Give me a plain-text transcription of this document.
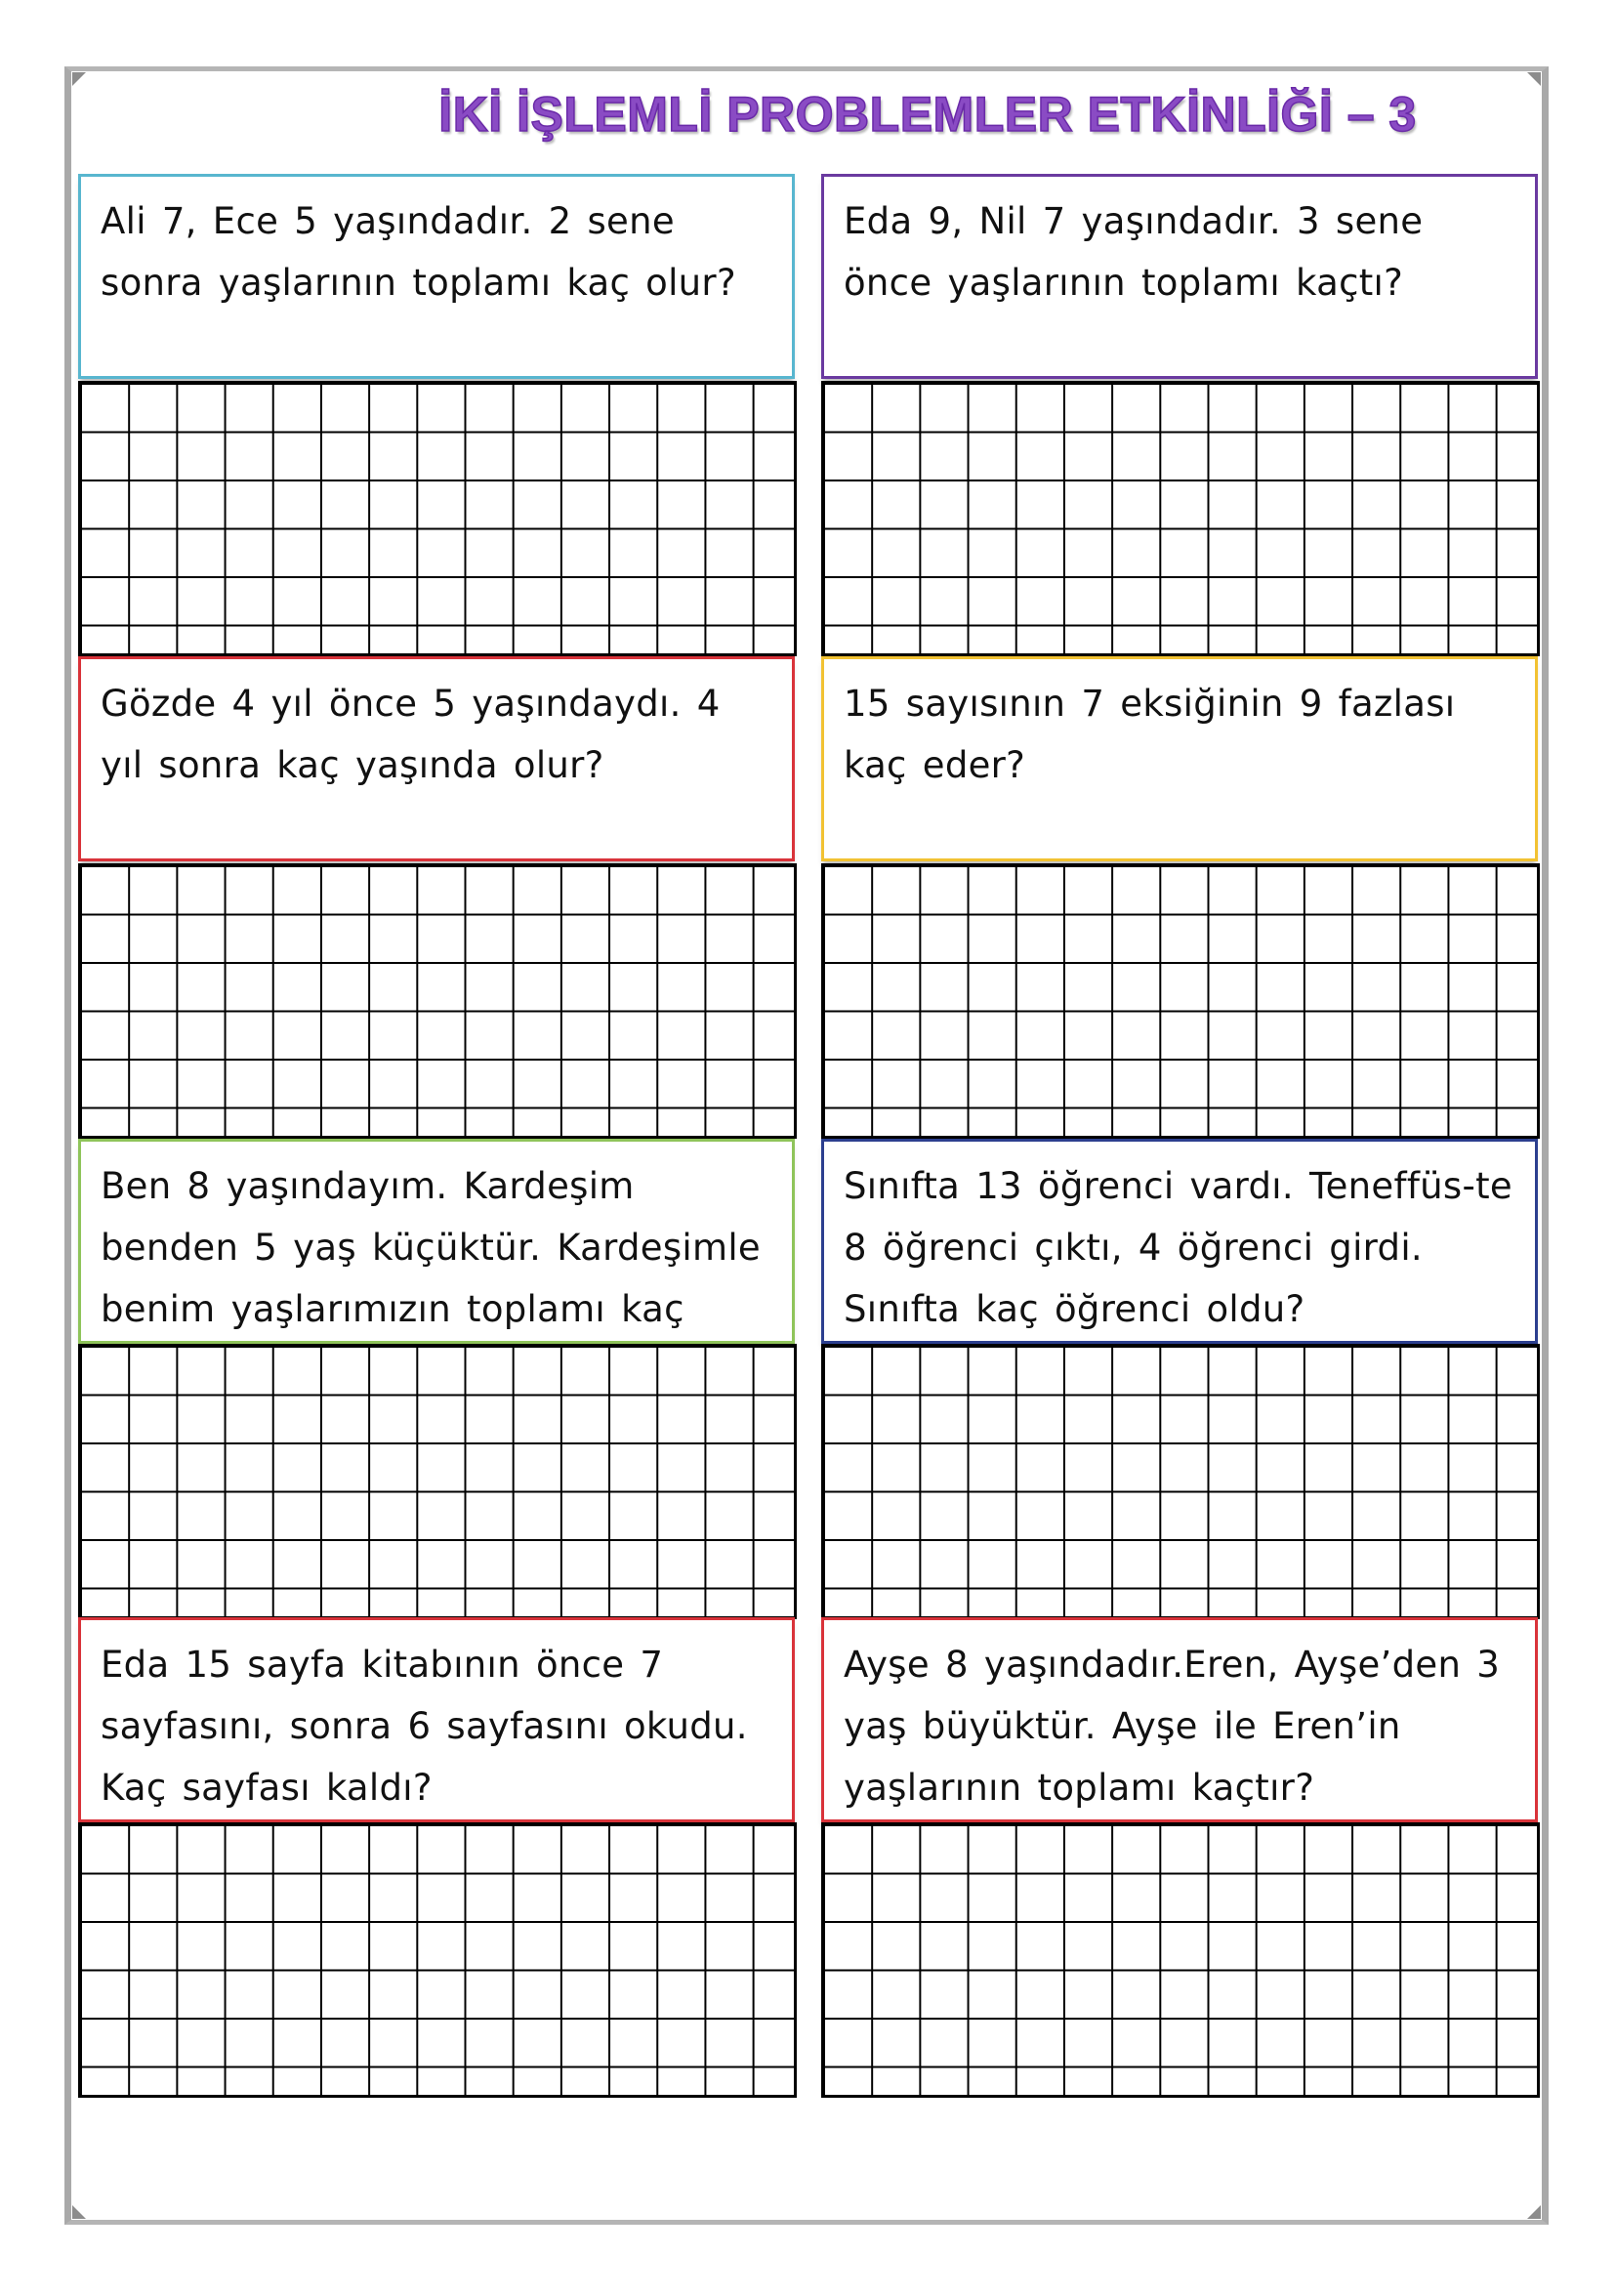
İKİ İŞLEMLİ PROBLEMLER ETKİNLİĞİ – 3
Ali 7, Ece 5 yaşındadır. 2 sene sonra yaşlarının toplamı kaç olur?
Eda 9, Nil 7 yaşındadır. 3 sene önce yaşlarının toplamı kaçtı?
Gözde 4 yıl önce 5 yaşındaydı. 4 yıl sonra kaç yaşında olur?
15 sayısının 7 eksiğinin 9 fazlası kaç eder?
Ben 8 yaşındayım. Kardeşim benden 5 yaş küçüktür. Kardeşimle benim yaşlarımızın toplamı kaç
Sınıfta 13 öğrenci vardı. Teneffüs-te 8 öğrenci çıktı, 4 öğrenci girdi. Sınıfta kaç öğrenci oldu?
Eda 15 sayfa kitabının önce 7 sayfasını, sonra 6 sayfasını okudu. Kaç sayfası kaldı?
Ayşe 8 yaşındadır.Eren, Ayşe’den 3 yaş büyüktür. Ayşe ile Eren’in yaşlarının toplamı kaçtır?
